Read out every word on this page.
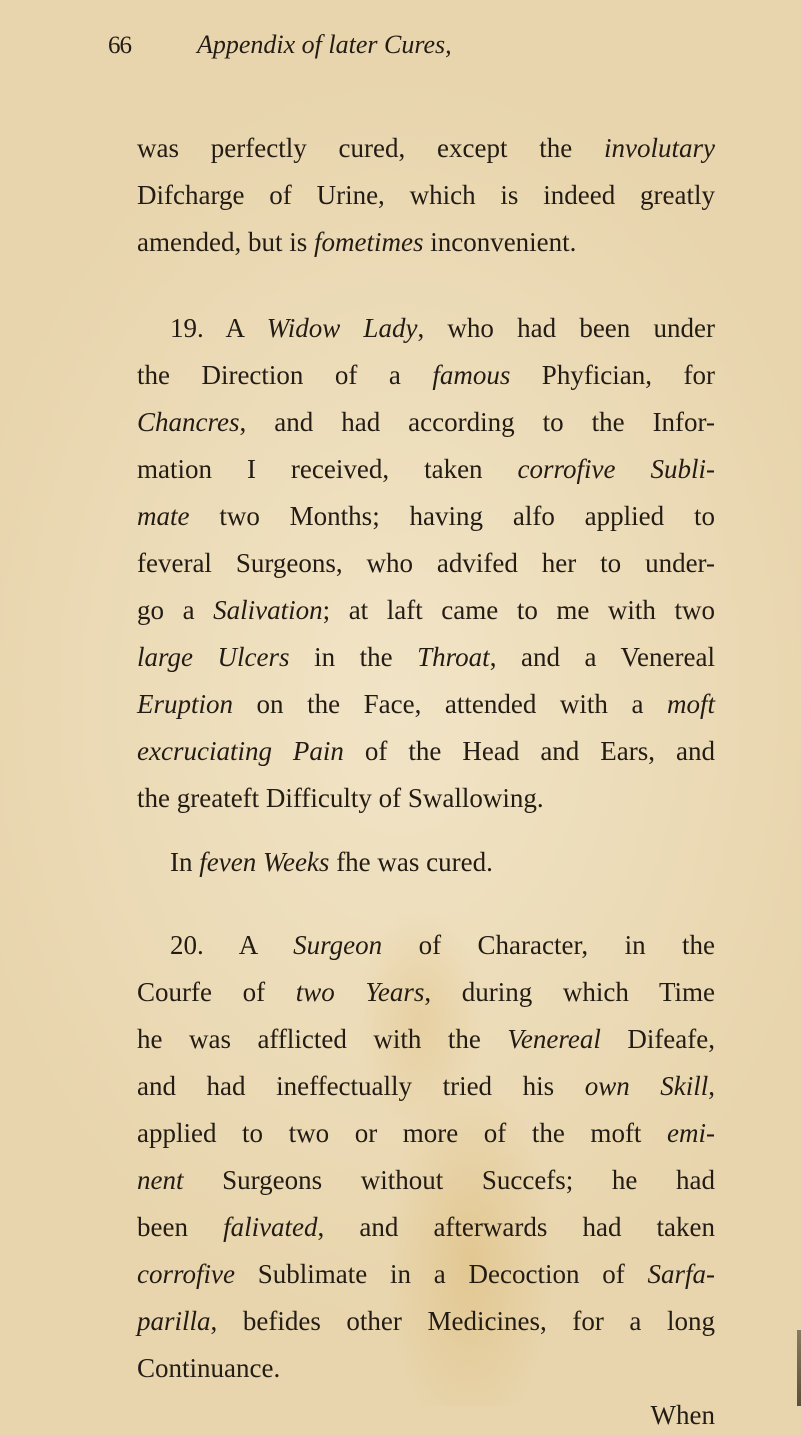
66	Appendix of later Cures,
was perfectly cured, except the involutary
Difcharge of Urine, which is indeed greatly
amended, but is fometimes inconvenient.
19. A Widow Lady, who had been under
the Direction of a famous Phyfician, for
Chancres, and had according to the Infor-
mation I received, taken corrofive Subli-
mate two Months; having alfo applied to
feveral Surgeons, who advifed her to under-
go a Salivation; at laft came to me with two
large Ulcers in the Throat, and a Venereal
Eruption on the Face, attended with a moft
excruciating Pain of the Head and Ears, and
the greateft Difficulty of Swallowing.
In feven Weeks fhe was cured.
20. A Surgeon of Character, in the
Courfe of two Years, during which Time
he was afflicted with the Venereal Difeafe,
and had ineffectually tried his own Skill,
applied to two or more of the moft emi-
nent Surgeons without Succefs; he had
been falivated, and afterwards had taken
corrofive Sublimate in a Decoction of Sarfa-
parilla, befides other Medicines, for a long
Continuance.
When
